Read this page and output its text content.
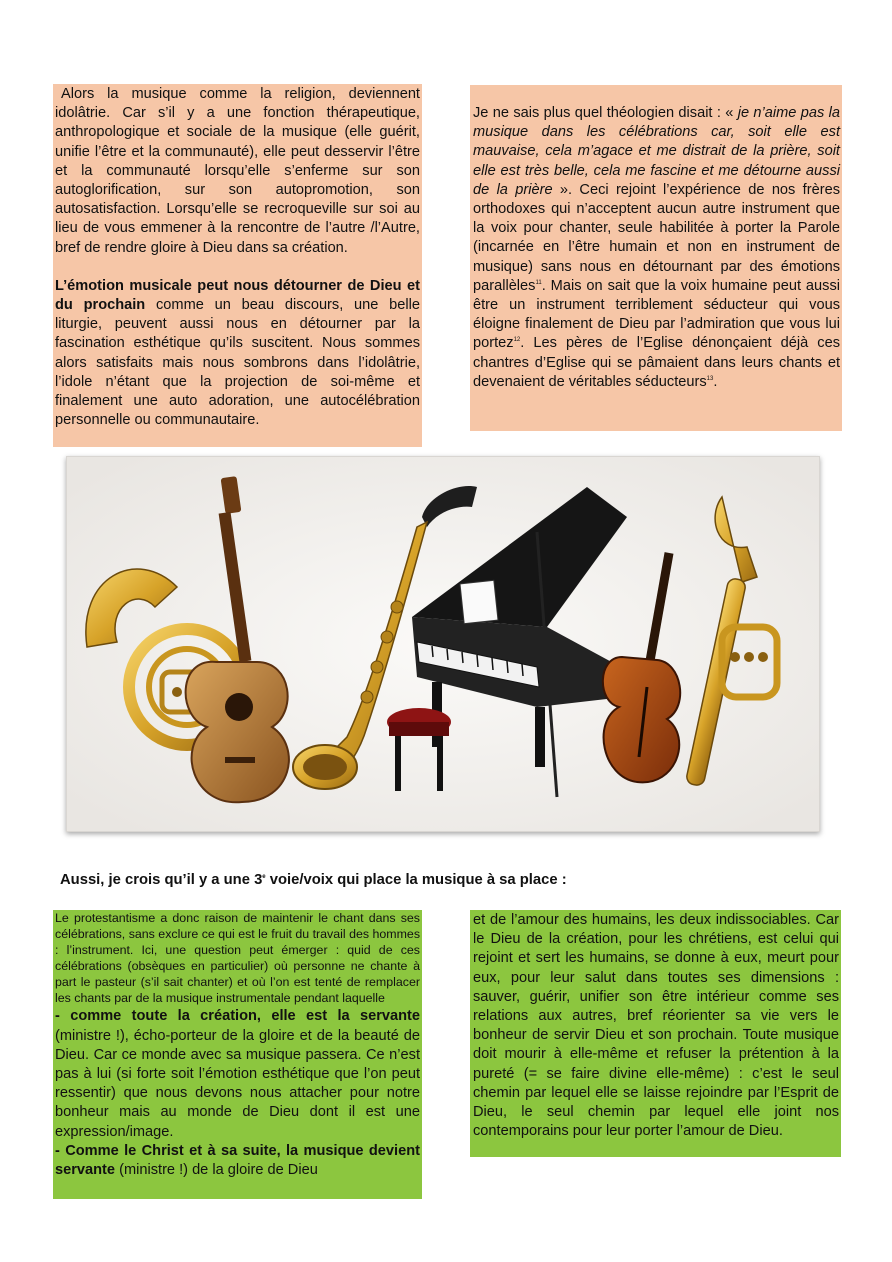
Alors la musique comme la religion, deviennent idolâtrie. Car s’il y a une fonction thérapeutique, anthropologique et sociale de la musique (elle guérit, unifie l’être et la communauté), elle peut desservir l’être et la communauté lorsqu’elle s’enferme sur son autoglorification, sur son autopromotion, son autosatisfaction. Lorsqu’elle se recroqueville sur soi au lieu de vous emmener à la rencontre de l’autre /l’Autre, bref de rendre gloire à Dieu dans sa création.

L’émotion musicale peut nous détourner de Dieu et du prochain comme un beau discours, une belle liturgie, peuvent aussi nous en détourner par la fascination esthétique qu’ils suscitent. Nous sommes alors satisfaits mais nous sombrons dans l’idolâtrie, l’idole n’étant que la projection de soi-même et finalement une auto adoration, une autocélébration personnelle ou communautaire.

Je ne sais plus quel théologien disait : « je n’aime pas la musique dans les célébrations car, soit elle est mauvaise, cela m’agace et me distrait de la prière, soit elle est très belle, cela me fascine et me détourne aussi de la prière ». Ceci rejoint l’expérience de nos frères orthodoxes qui n’acceptent aucun autre instrument que la voix pour chanter, seule habilitée à porter la Parole (incarnée en l’être humain et non en instrument de musique) sans nous en détournant par des émotions parallèles$^{11}$. Mais on sait que la voix humaine peut aussi être un instrument terriblement séducteur qui vous éloigne finalement de Dieu par l’admiration que vous lui portez$^{12}$. Les pères de l’Eglise dénonçaient déjà ces chantres d’Eglise qui se pâmaient dans leurs chants et devenaient de véritables séducteurs$^{13}$.

Aussi, je crois qu’il y a une 3e voie/voix qui place la musique à sa place :

Le protestantisme a donc raison de maintenir le chant dans ses célébrations, sans exclure ce qui est le fruit du travail des hommes : l’instrument. Ici, une question peut émerger : quid de ces célébrations (obsèques en particulier) où personne ne chante à part le pasteur (s’il sait chanter) et où l’on est tenté de remplacer les chants par de la musique instrumentale pendant laquelle

- comme toute la création, elle est la servante (ministre !), écho-porteur de la gloire et de la beauté de Dieu. Car ce monde avec sa musique passera. Ce n’est pas à lui (si forte soit l’émotion esthétique que l’on peut ressentir) que nous devons nous attacher pour notre bonheur mais au monde de Dieu dont il est une expression/image.

- Comme le Christ et à sa suite, la musique devient servante (ministre !) de la gloire de Dieu

et de l’amour des humains, les deux indissociables. Car le Dieu de la création, pour les chrétiens, est celui qui rejoint et sert les humains, se donne à eux, meurt pour eux, pour leur salut dans toutes ses dimensions : sauver, guérir, unifier son être intérieur comme ses relations aux autres, bref réorienter sa vie vers le bonheur de servir Dieu et son prochain. Toute musique doit mourir à elle-même et refuser la prétention à la pureté (= se faire divine elle-même) : c’est le seul chemin par lequel elle se laisse rejoindre par l’Esprit de Dieu, le seul chemin par lequel elle joint nos contemporains pour leur porter l’amour de Dieu.
